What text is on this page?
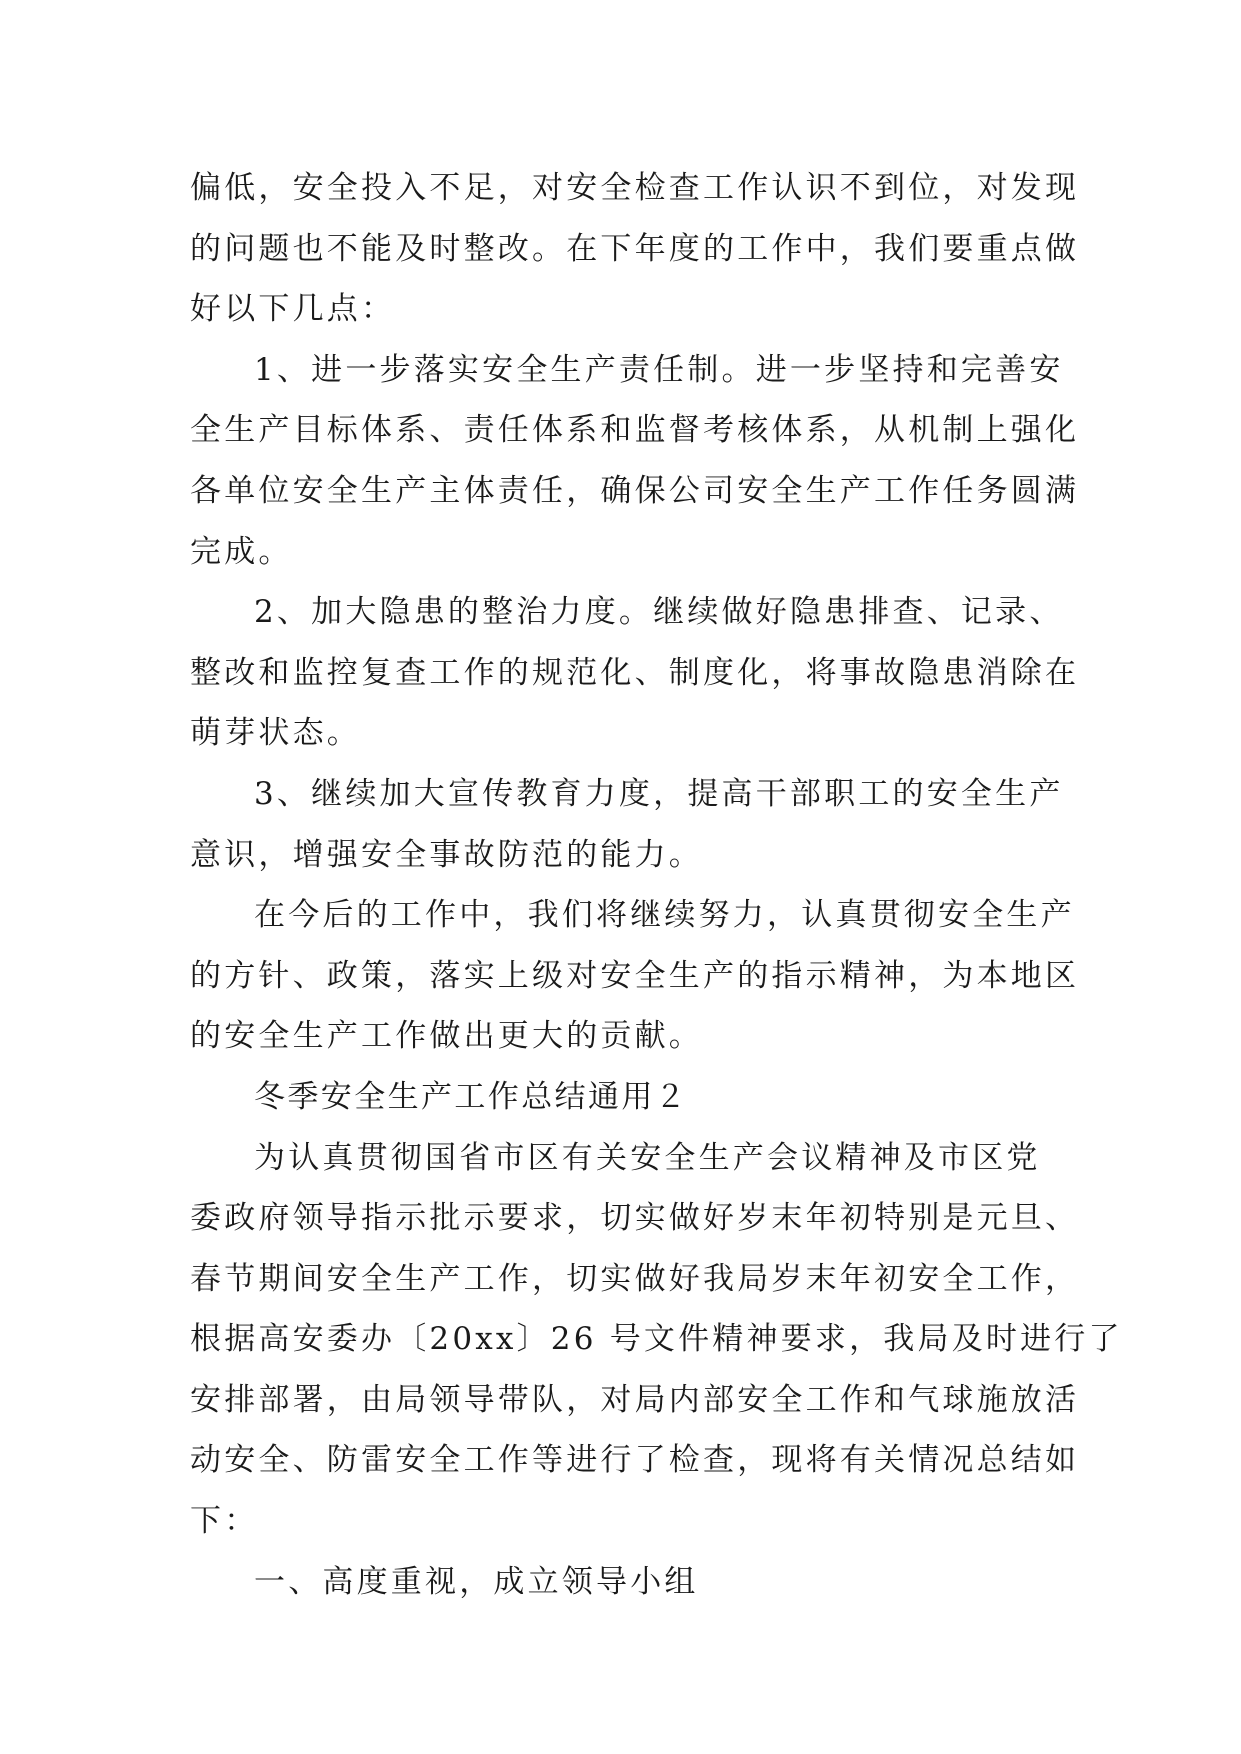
偏低，安全投入不足，对安全检查工作认识不到位，对发现
的问题也不能及时整改。在下年度的工作中，我们要重点做
好以下几点：
1、进一步落实安全生产责任制。进一步坚持和完善安
全生产目标体系、责任体系和监督考核体系，从机制上强化
各单位安全生产主体责任，确保公司安全生产工作任务圆满
完成。
2、加大隐患的整治力度。继续做好隐患排查、记录、
整改和监控复查工作的规范化、制度化，将事故隐患消除在
萌芽状态。
3、继续加大宣传教育力度，提高干部职工的安全生产
意识，增强安全事故防范的能力。
在今后的工作中，我们将继续努力，认真贯彻安全生产
的方针、政策，落实上级对安全生产的指示精神，为本地区
的安全生产工作做出更大的贡献。
冬季安全生产工作总结通用２
为认真贯彻国省市区有关安全生产会议精神及市区党
委政府领导指示批示要求，切实做好岁末年初特别是元旦、
春节期间安全生产工作，切实做好我局岁末年初安全工作，
根据高安委办〔20xx〕26 号文件精神要求，我局及时进行了
安排部署，由局领导带队，对局内部安全工作和气球施放活
动安全、防雷安全工作等进行了检查，现将有关情况总结如
下：
一、高度重视，成立领导小组
